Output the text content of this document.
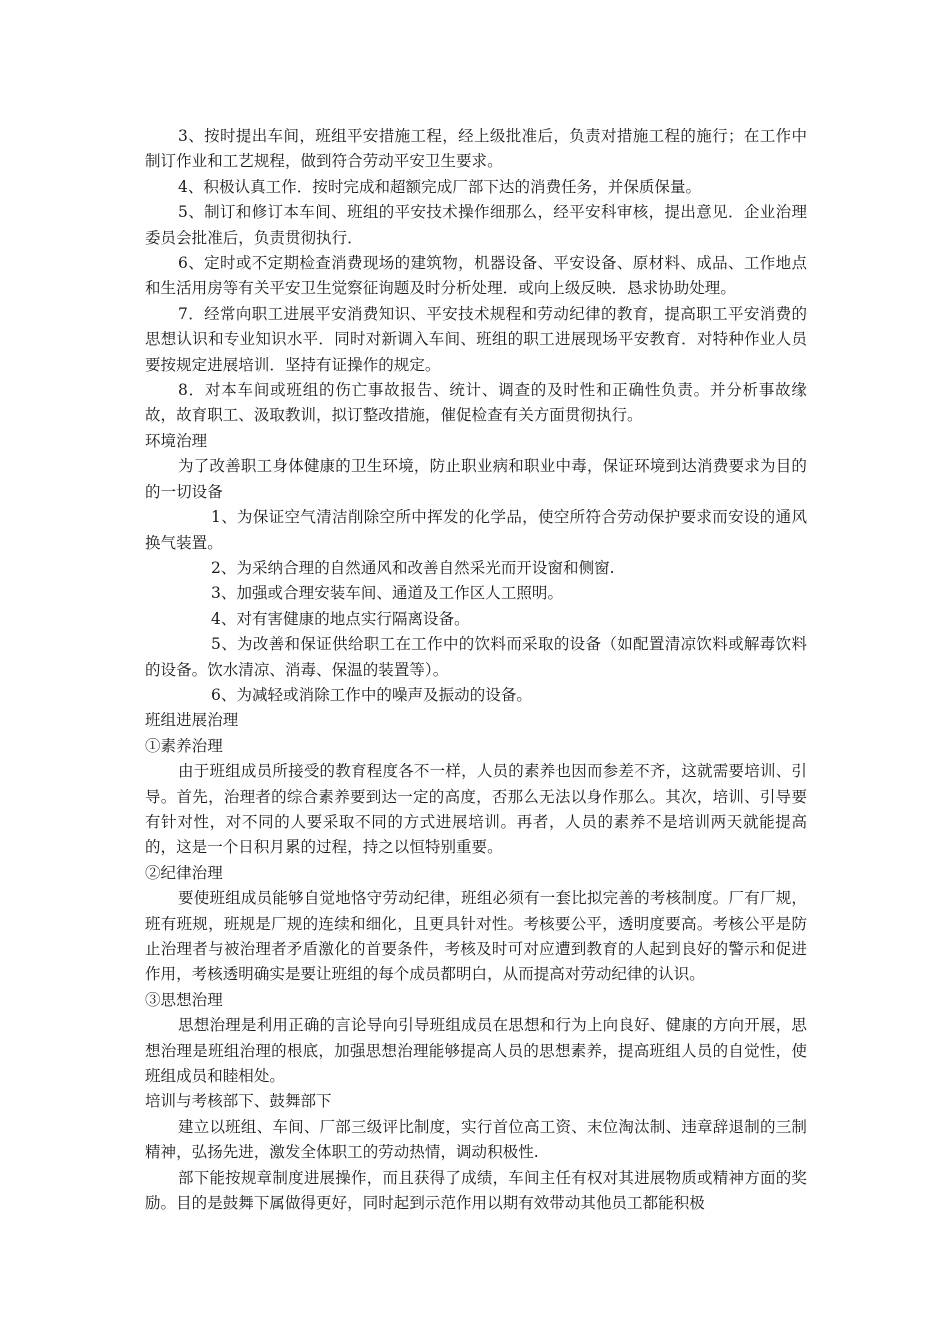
3、按时提出车间，班组平安措施工程，经上级批准后，负责对措施工程的施行；在工作中制订作业和工艺规程，做到符合劳动平安卫生要求。

4、积极认真工作．按时完成和超额完成厂部下达的消费任务，并保质保量。

5、制订和修订本车间、班组的平安技术操作细那么，经平安科审核，提出意见．企业治理委员会批准后，负责贯彻执行．

6、定时或不定期检查消费现场的建筑物，机器设备、平安设备、原材料、成品、工作地点和生活用房等有关平安卫生觉察征询题及时分析处理．或向上级反映．恳求协助处理。

7．经常向职工进展平安消费知识、平安技术规程和劳动纪律的教育，提高职工平安消费的思想认识和专业知识水平．同时对新调入车间、班组的职工进展现场平安教育．对特种作业人员要按规定进展培训．坚持有证操作的规定。

8．对本车间或班组的伤亡事故报告、统计、调查的及时性和正确性负责。并分析事故缘故，故育职工、汲取教训，拟订整改措施，催促检查有关方面贯彻执行。

环境治理

为了改善职工身体健康的卫生环境，防止职业病和职业中毒，保证环境到达消费要求为目的的一切设备

1、为保证空气清洁削除空所中挥发的化学品，使空所符合劳动保护要求而安设的通风换气装置。

2、为采纳合理的自然通风和改善自然采光而开设窗和侧窗.

3、加强或合理安装车间、通道及工作区人工照明。

4、对有害健康的地点实行隔离设备。

5、为改善和保证供给职工在工作中的饮料而采取的设备（如配置清凉饮料或解毒饮料的设备。饮水清凉、消毒、保温的装置等）。

6、为减轻或消除工作中的噪声及振动的设备。

班组进展治理

①素养治理

由于班组成员所接受的教育程度各不一样，人员的素养也因而参差不齐，这就需要培训、引导。首先，治理者的综合素养要到达一定的高度，否那么无法以身作那么。其次，培训、引导要有针对性，对不同的人要采取不同的方式进展培训。再者，人员的素养不是培训两天就能提高的，这是一个日积月累的过程，持之以恒特别重要。

②纪律治理

要使班组成员能够自觉地恪守劳动纪律，班组必须有一套比拟完善的考核制度。厂有厂规，班有班规，班规是厂规的连续和细化，且更具针对性。考核要公平，透明度要高。考核公平是防止治理者与被治理者矛盾激化的首要条件，考核及时可对应遭到教育的人起到良好的警示和促进作用，考核透明确实是要让班组的每个成员都明白，从而提高对劳动纪律的认识。

③思想治理

思想治理是利用正确的言论导向引导班组成员在思想和行为上向良好、健康的方向开展，思想治理是班组治理的根底，加强思想治理能够提高人员的思想素养，提高班组人员的自觉性，使班组成员和睦相处。

培训与考核部下、鼓舞部下

建立以班组、车间、厂部三级评比制度，实行首位高工资、末位淘汰制、违章辞退制的三制精神，弘扬先进，激发全体职工的劳动热情，调动积极性.

部下能按规章制度进展操作，而且获得了成绩，车间主任有权对其进展物质或精神方面的奖励。目的是鼓舞下属做得更好，同时起到示范作用以期有效带动其他员工都能积极
